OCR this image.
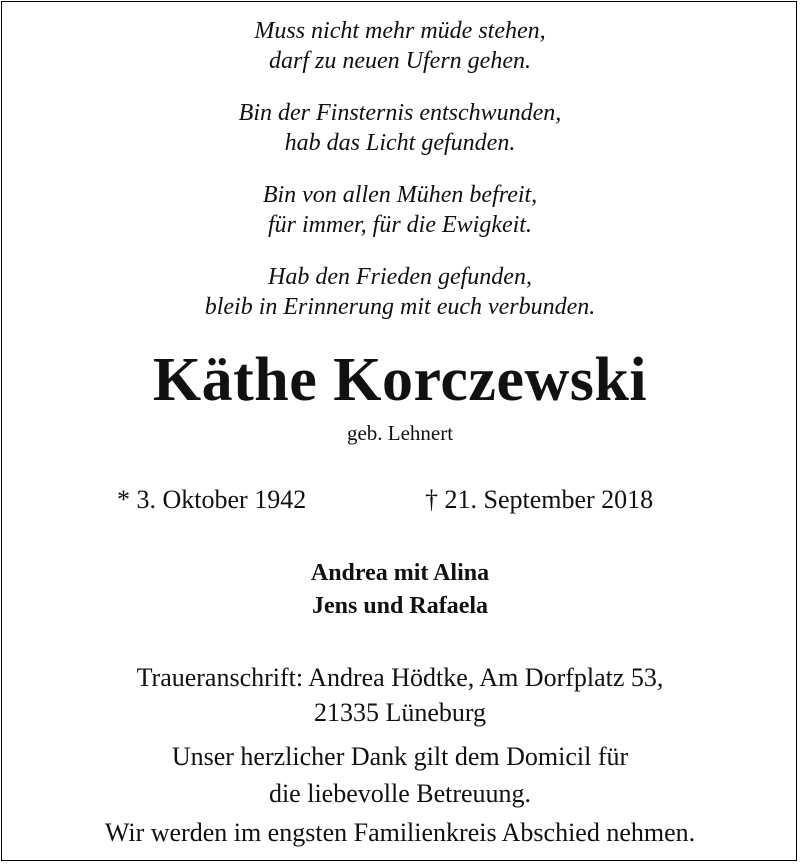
Muss nicht mehr müde stehen,
darf zu neuen Ufern gehen.
Bin der Finsternis entschwunden,
hab das Licht gefunden.
Bin von allen Mühen befreit,
für immer, für die Ewigkeit.
Hab den Frieden gefunden,
bleib in Erinnerung mit euch verbunden.
Käthe Korczewski
geb. Lehnert
* 3. Oktober 1942	† 21. September 2018
Andrea mit Alina
Jens und Rafaela
Traueranschrift: Andrea Hödtke, Am Dorfplatz 53,
21335 Lüneburg
Unser herzlicher Dank gilt dem Domicil für
die liebevolle Betreuung.
Wir werden im engsten Familienkreis Abschied nehmen.
